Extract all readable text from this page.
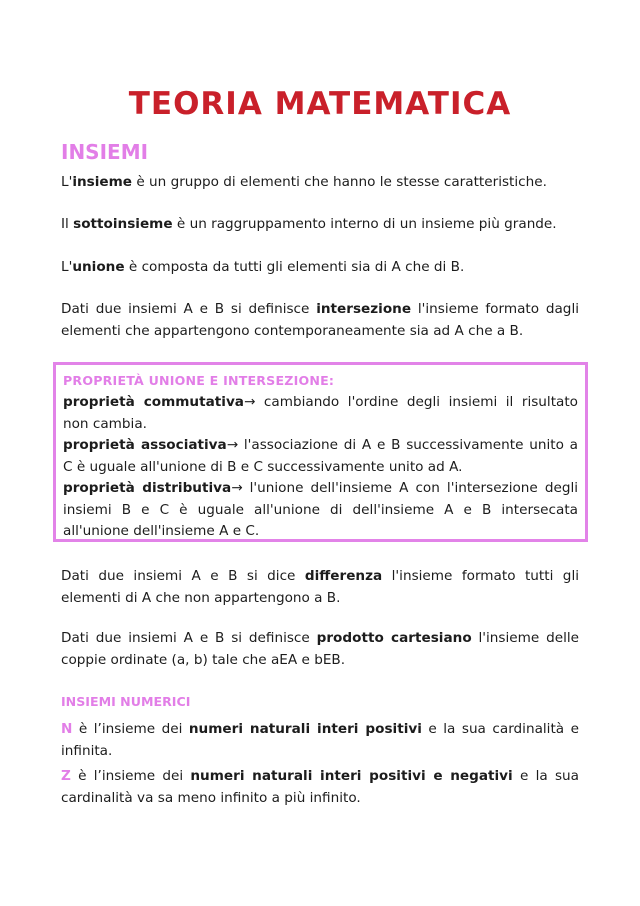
TEORIA MATEMATICA
INSIEMI

L'insieme è un gruppo di elementi che hanno le stesse caratteristiche.

Il sottoinsieme è un raggruppamento interno di un insieme più grande.

L'unione è composta da tutti gli elementi sia di A che di B.

Dati due insiemi A e B si definisce intersezione l'insieme formato dagli elementi che appartengono contemporaneamente sia ad A che a B.

PROPRIETÀ UNIONE E INTERSEZIONE:

proprietà commutativa→ cambiando l'ordine degli insiemi il risultato non cambia.

proprietà associativa→ l'associazione di A e B successivamente unito a C è uguale all'unione di B e C successivamente unito ad A.

proprietà distributiva→ l'unione dell'insieme A con l'intersezione degli insiemi B e C è uguale all'unione di dell'insieme A e B intersecata all'unione dell'insieme A e C.

Dati due insiemi A e B si dice differenza l'insieme formato tutti gli elementi di A che non appartengono a B.

Dati due insiemi A e B si definisce prodotto cartesiano l'insieme delle coppie ordinate (a, b) tale che aEA e bEB.

INSIEMI NUMERICI

N è l’insieme dei numeri naturali interi positivi e la sua cardinalità e infinita.

Z è l’insieme dei numeri naturali interi positivi e negativi e la sua cardinalità va sa meno infinito a più infinito.
